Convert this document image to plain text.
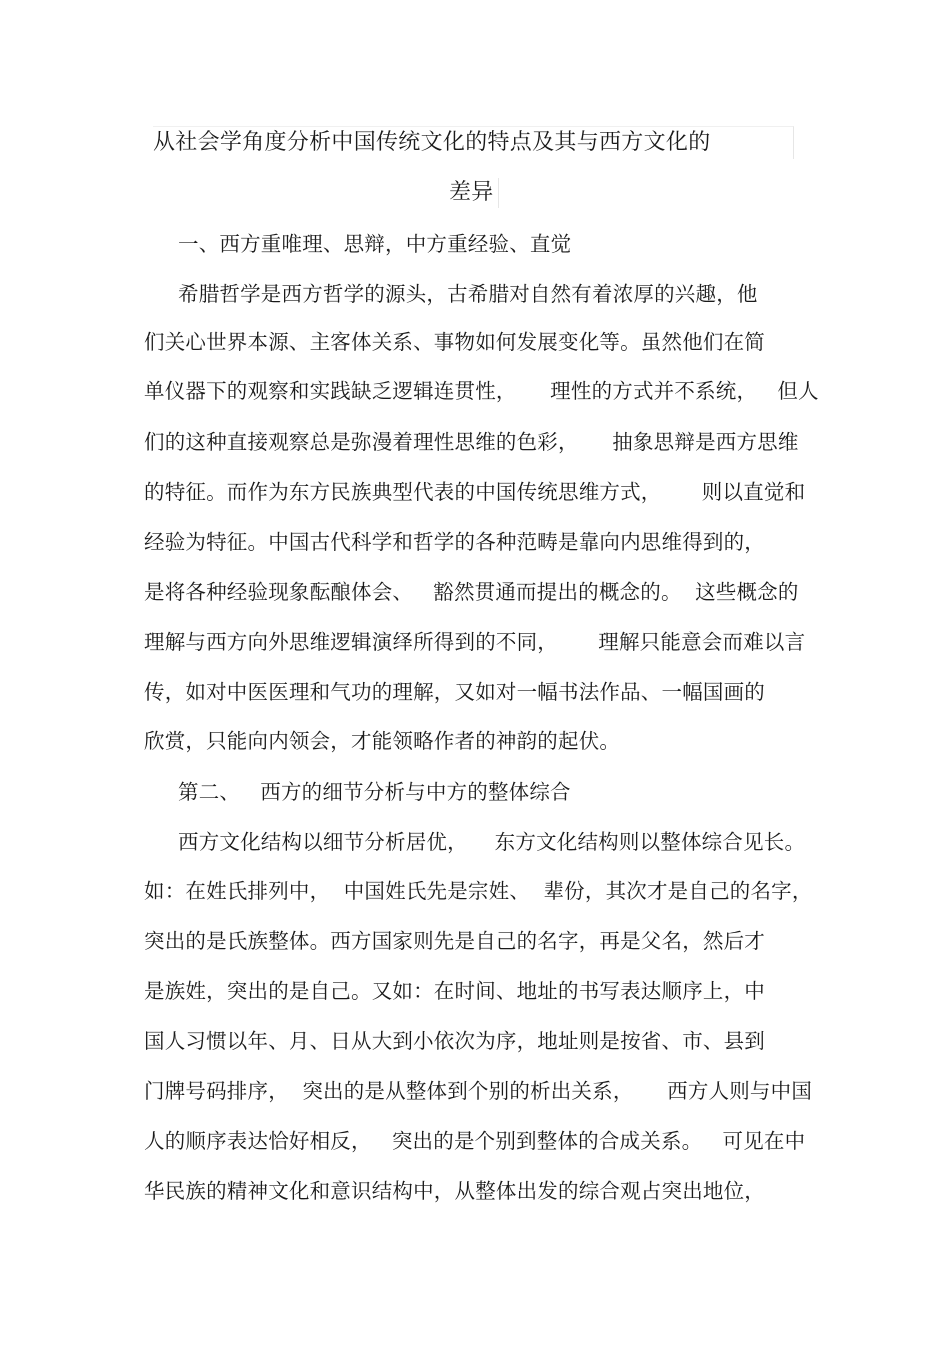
从社会学角度分析中国传统文化的特点及其与西方文化的
差异
一、西方重唯理、思辩，中方重经验、直觉
希腊哲学是西方哲学的源头，古希腊对自然有着浓厚的兴趣，他
们关心世界本源、主客体关系、事物如何发展变化等。虽然他们在简
单仪器下的观察和实践缺乏逻辑连贯性，     理性的方式并不系统，   但人
们的这种直接观察总是弥漫着理性思维的色彩，     抽象思辩是西方思维
的特征。而作为东方民族典型代表的中国传统思维方式，      则以直觉和
经验为特征。中国古代科学和哲学的各种范畴是靠向内思维得到的，
是将各种经验现象酝酿体会、   豁然贯通而提出的概念的。  这些概念的
理解与西方向外思维逻辑演绎所得到的不同，      理解只能意会而难以言
传，如对中医医理和气功的理解，又如对一幅书法作品、一幅国画的
欣赏，只能向内领会，才能领略作者的神韵的起伏。
第二、   西方的细节分析与中方的整体综合
西方文化结构以细节分析居优，    东方文化结构则以整体综合见长。
如：在姓氏排列中，  中国姓氏先是宗姓、  辈份，其次才是自己的名字，
突出的是氏族整体。西方国家则先是自己的名字，再是父名，然后才
是族姓，突出的是自己。又如：在时间、地址的书写表达顺序上，中
国人习惯以年、月、日从大到小依次为序，地址则是按省、市、县到
门牌号码排序，  突出的是从整体到个别的析出关系，     西方人则与中国
人的顺序表达恰好相反，   突出的是个别到整体的合成关系。   可见在中
华民族的精神文化和意识结构中，从整体出发的综合观占突出地位，
